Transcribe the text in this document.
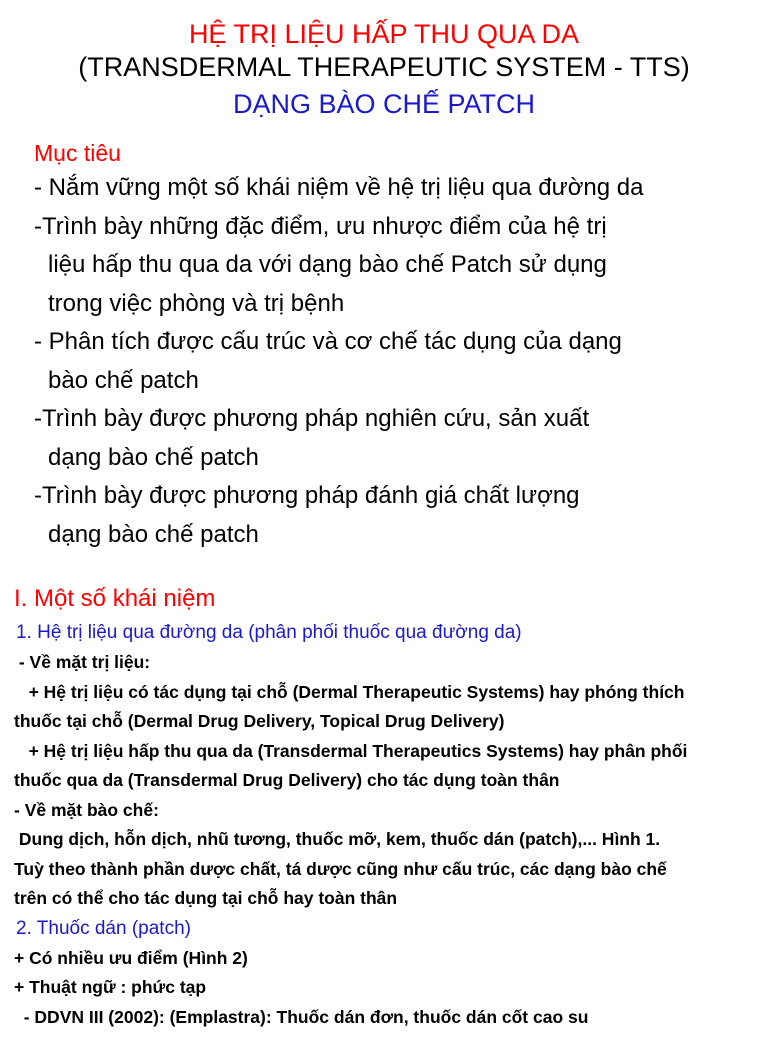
HỆ TRỊ LIỆU HẤP THU QUA DA
(TRANSDERMAL THERAPEUTIC SYSTEM - TTS)
DẠNG BÀO CHẾ PATCH
Mục tiêu
- Nắm vững một số khái niệm về hệ trị liệu qua đường da
-Trình bày những đặc điểm, ưu nhược điểm của hệ trị
liệu hấp thu qua da với dạng bào chế Patch sử dụng
trong việc phòng và trị bệnh
- Phân tích được cấu trúc và cơ chế tác dụng của dạng
bào chế patch
-Trình bày được phương pháp nghiên cứu, sản xuất
dạng bào chế patch
-Trình bày được phương pháp đánh giá chất lượng
dạng bào chế patch
I. Một số khái niệm
1. Hệ trị liệu qua đường da (phân phối thuốc qua đường da)
- Về mặt trị liệu:
+ Hệ trị liệu có tác dụng tại chỗ (Dermal Therapeutic Systems) hay phóng thích
thuốc tại chỗ (Dermal Drug Delivery, Topical Drug Delivery)
+ Hệ trị liệu hấp thu qua da (Transdermal Therapeutics Systems) hay phân phối
thuốc qua da (Transdermal Drug Delivery) cho tác dụng toàn thân
- Về mặt bào chế:
Dung dịch, hỗn dịch, nhũ tương, thuốc mỡ, kem, thuốc dán (patch),... Hình 1.
Tuỳ theo thành phần dược chất, tá dược cũng như cấu trúc, các dạng bào chế
trên có thể cho tác dụng tại chỗ hay toàn thân
2. Thuốc dán (patch)
+ Có nhiều ưu điểm (Hình 2)
+ Thuật ngữ : phức tạp
- DDVN III (2002): (Emplastra): Thuốc dán đơn, thuốc dán cốt cao su
